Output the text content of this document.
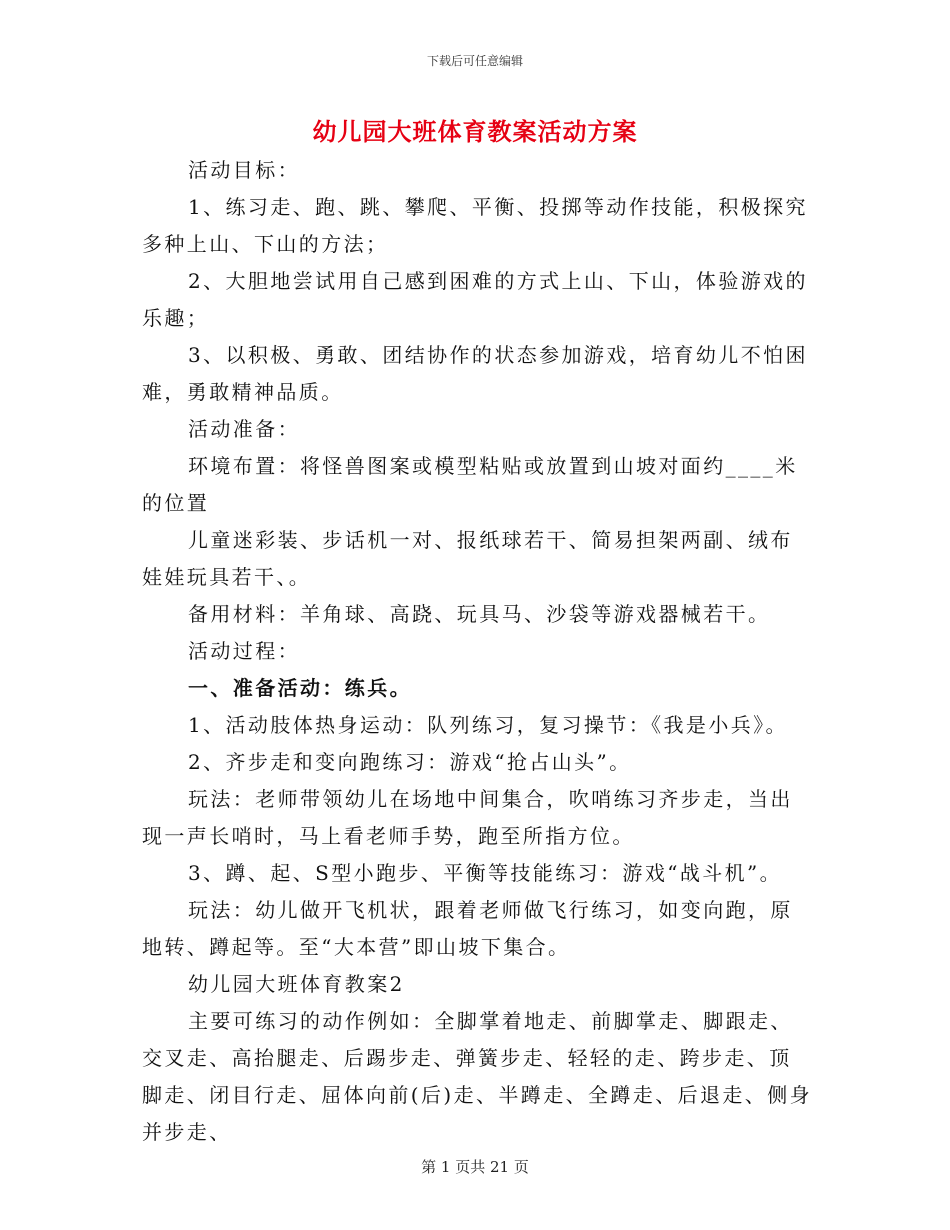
下载后可任意编辑
幼儿园大班体育教案活动方案

活动目标：

1、练习走、跑、跳、攀爬、平衡、投掷等动作技能，积极探究多种上山、下山的方法；

2、大胆地尝试用自己感到困难的方式上山、下山，体验游戏的乐趣；

3、以积极、勇敢、团结协作的状态参加游戏，培育幼儿不怕困难，勇敢精神品质。

活动准备：

环境布置：将怪兽图案或模型粘贴或放置到山坡对面约____米的位置

儿童迷彩装、步话机一对、报纸球若干、简易担架两副、绒布娃娃玩具若干、。

备用材料：羊角球、高跷、玩具马、沙袋等游戏器械若干。

活动过程：

一、准备活动：练兵。

1、活动肢体热身运动：队列练习，复习操节：《我是小兵》。

2、齐步走和变向跑练习：游戏“抢占山头”。

玩法：老师带领幼儿在场地中间集合，吹哨练习齐步走，当出现一声长哨时，马上看老师手势，跑至所指方位。

3、蹲、起、S型小跑步、平衡等技能练习：游戏“战斗机”。

玩法：幼儿做开飞机状，跟着老师做飞行练习，如变向跑，原地转、蹲起等。至“大本营”即山坡下集合。

幼儿园大班体育教案2

主要可练习的动作例如：全脚掌着地走、前脚掌走、脚跟走、交叉走、高抬腿走、后踢步走、弹簧步走、轻轻的走、跨步走、顶脚走、闭目行走、屈体向前(后)走、半蹲走、全蹲走、后退走、侧身并步走、

第 1 页共 21 页
